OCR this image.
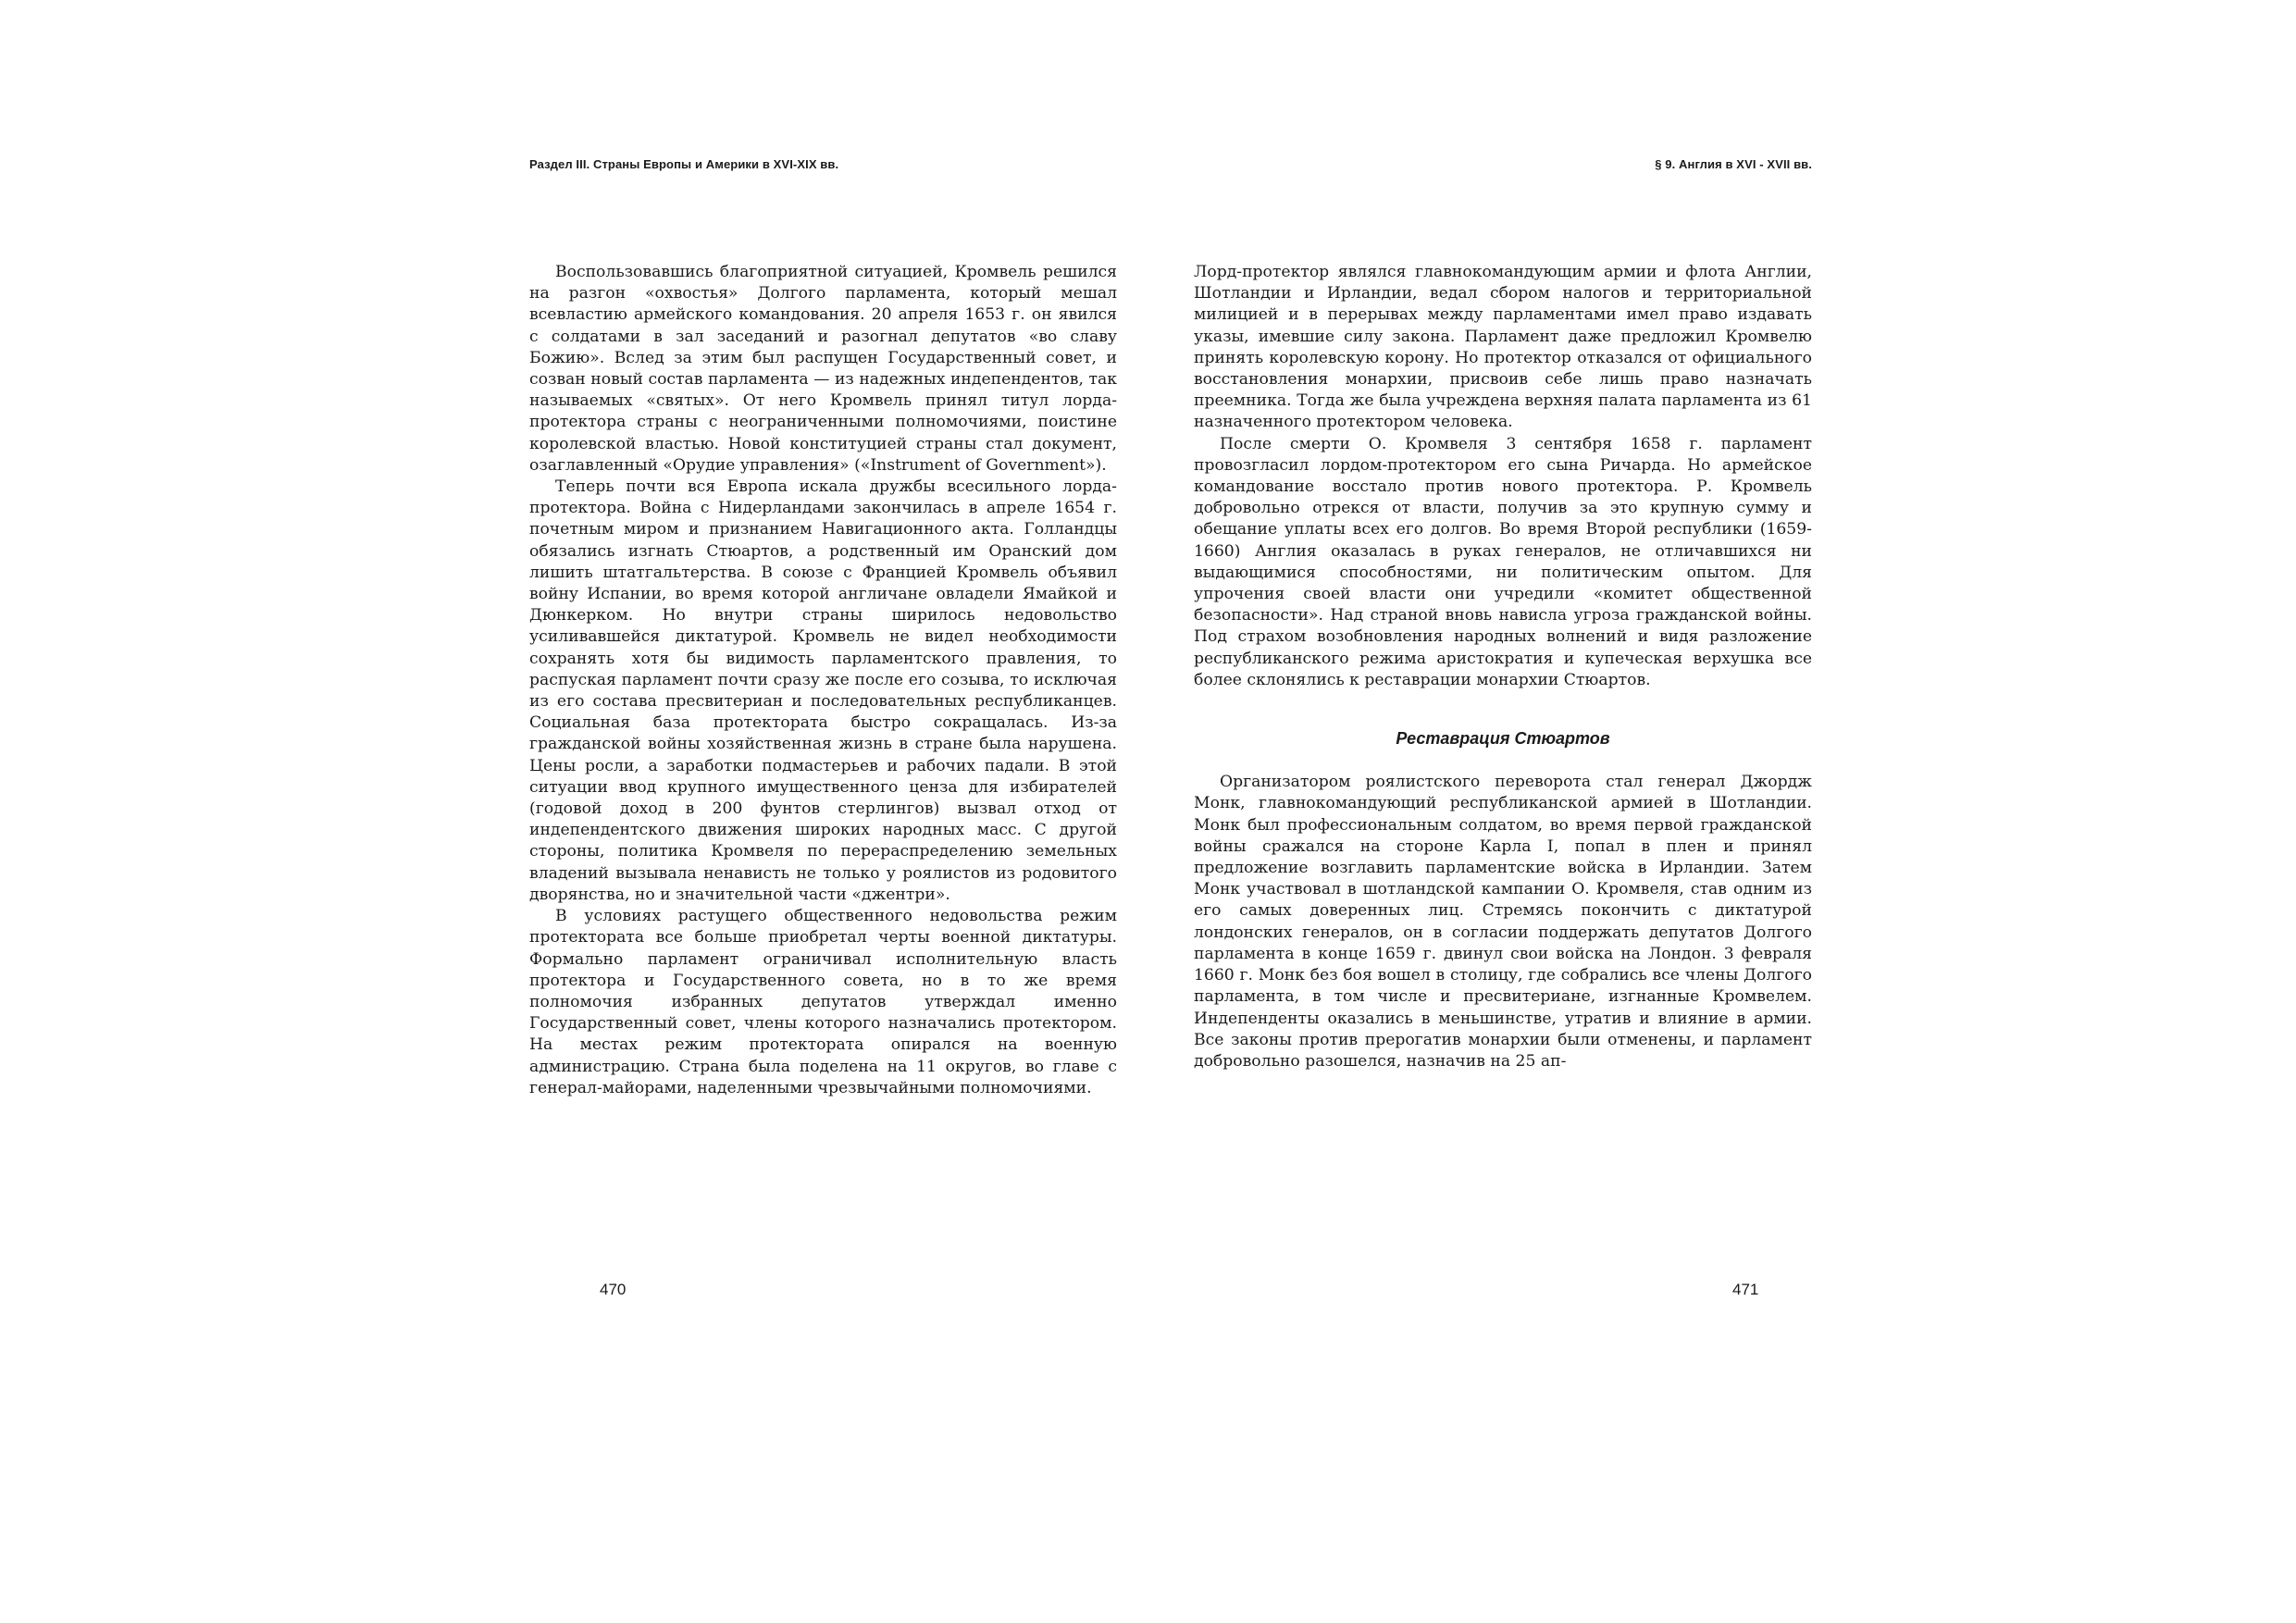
Раздел III. Страны Европы и Америки в XVI-XIX вв.

Воспользовавшись благоприятной ситуацией, Кромвель решился на разгон «охвостья» Долгого парламента, который мешал всевластию армейского командования. 20 апреля 1653 г. он явился с солдатами в зал заседаний и разогнал депутатов «во славу Божию». Вслед за этим был распущен Государственный совет, и созван новый состав парламента — из надежных индепендентов, так называемых «святых». От него Кромвель принял титул лорда-протектора страны с неограниченными полномочиями, поистине королевской властью. Новой конституцией страны стал документ, озаглавленный «Орудие управления» («Instrument of Government»).

Теперь почти вся Европа искала дружбы всесильного лорда-протектора. Война с Нидерландами закончилась в апреле 1654 г. почетным миром и признанием Навигационного акта. Голландцы обязались изгнать Стюартов, а родственный им Оранский дом лишить штатгальтерства. В союзе с Францией Кромвель объявил войну Испании, во время которой англичане овладели Ямайкой и Дюнкерком. Но внутри страны ширилось недовольство усиливавшейся диктатурой. Кромвель не видел необходимости сохранять хотя бы видимость парламентского правления, то распуская парламент почти сразу же после его созыва, то исключая из его состава пресвитериан и последовательных республиканцев. Социальная база протектората быстро сокращалась. Из-за гражданской войны хозяйственная жизнь в стране была нарушена. Цены росли, а заработки подмастерьев и рабочих падали. В этой ситуации ввод крупного имущественного ценза для избирателей (годовой доход в 200 фунтов стерлингов) вызвал отход от индепендентского движения широких народных масс. С другой стороны, политика Кромвеля по перераспределению земельных владений вызывала ненависть не только у роялистов из родовитого дворянства, но и значительной части «джентри».

В условиях растущего общественного недовольства режим протектората все больше приобретал черты военной диктатуры. Формально парламент ограничивал исполнительную власть протектора и Государственного совета, но в то же время полномочия избранных депутатов утверждал именно Государственный совет, члены которого назначались протектором. На местах режим протектората опирался на военную администрацию. Страна была поделена на 11 округов, во главе с генерал-майорами, наделенными чрезвычайными полномочиями.

470
§ 9. Англия в XVI - XVII вв.

Лорд-протектор являлся главнокомандующим армии и флота Англии, Шотландии и Ирландии, ведал сбором налогов и территориальной милицией и в перерывах между парламентами имел право издавать указы, имевшие силу закона. Парламент даже предложил Кромвелю принять королевскую корону. Но протектор отказался от официального восстановления монархии, присвоив себе лишь право назначать преемника. Тогда же была учреждена верхняя палата парламента из 61 назначенного протектором человека.

После смерти О. Кромвеля 3 сентября 1658 г. парламент провозгласил лордом-протектором его сына Ричарда. Но армейское командование восстало против нового протектора. Р. Кромвель добровольно отрекся от власти, получив за это крупную сумму и обещание уплаты всех его долгов. Во время Второй республики (1659-1660) Англия оказалась в руках генералов, не отличавшихся ни выдающимися способностями, ни политическим опытом. Для упрочения своей власти они учредили «комитет общественной безопасности». Над страной вновь нависла угроза гражданской войны. Под страхом возобновления народных волнений и видя разложение республиканского режима аристократия и купеческая верхушка все более склонялись к реставрации монархии Стюартов.

Реставрация Стюартов

Организатором роялистского переворота стал генерал Джордж Монк, главнокомандующий республиканской армией в Шотландии. Монк был профессиональным солдатом, во время первой гражданской войны сражался на стороне Карла I, попал в плен и принял предложение возглавить парламентские войска в Ирландии. Затем Монк участвовал в шотландской кампании О. Кромвеля, став одним из его самых доверенных лиц. Стремясь покончить с диктатурой лондонских генералов, он в согласии поддержать депутатов Долгого парламента в конце 1659 г. двинул свои войска на Лондон. 3 февраля 1660 г. Монк без боя вошел в столицу, где собрались все члены Долгого парламента, в том числе и пресвитериане, изгнанные Кромвелем. Индепенденты оказались в меньшинстве, утратив и влияние в армии. Все законы против прерогатив монархии были отменены, и парламент добровольно разошелся, назначив на 25 ап-

471
